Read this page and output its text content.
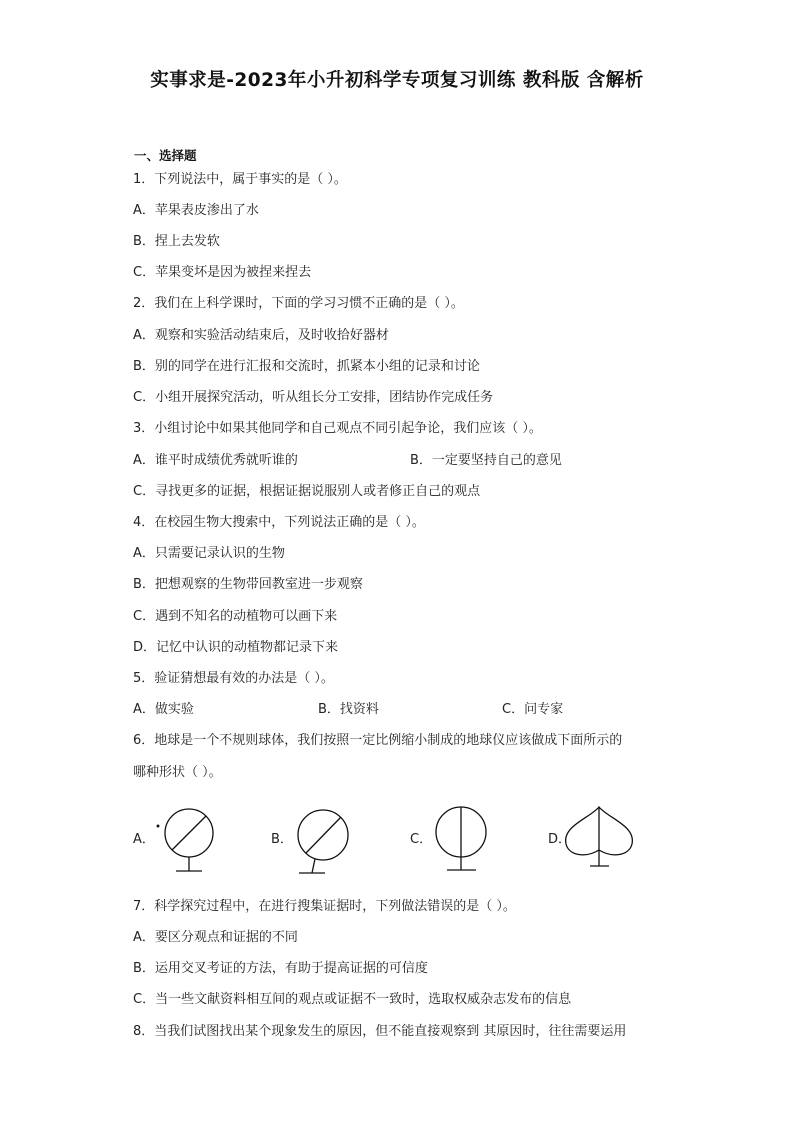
实事求是-2023年小升初科学专项复习训练 教科版 含解析
一、选择题
1．下列说法中，属于事实的是（ ）。
A．苹果表皮渗出了水
B．捏上去发软
C．苹果变坏是因为被捏来捏去
2．我们在上科学课时，下面的学习习惯不正确的是（ ）。
A．观察和实验活动结束后，及时收拾好器材
B．别的同学在进行汇报和交流时，抓紧本小组的记录和讨论
C．小组开展探究活动，听从组长分工安排，团结协作完成任务
3．小组讨论中如果其他同学和自己观点不同引起争论，我们应该（ ）。
A．谁平时成绩优秀就听谁的	B．一定要坚持自己的意见
C．寻找更多的证据，根据证据说服别人或者修正自己的观点
4．在校园生物大搜索中，下列说法正确的是（ ）。
A．只需要记录认识的生物
B．把想观察的生物带回教室进一步观察
C．遇到不知名的动植物可以画下来
D．记忆中认识的动植物都记录下来
5．验证猜想最有效的办法是（ ）。
A．做实验	B．找资料	C．问专家
6．地球是一个不规则球体，我们按照一定比例缩小制成的地球仪应该做成下面所示的
哪种形状（ ）。
A．	B．	C．	D．
7．科学探究过程中，在进行搜集证据时，下列做法错误的是（ ）。
A．要区分观点和证据的不同
B．运用交叉考证的方法，有助于提高证据的可信度
C．当一些文献资料相互间的观点或证据不一致时，选取权威杂志发布的信息
8．当我们试图找出某个现象发生的原因，但不能直接观察到 其原因时，往往需要运用
